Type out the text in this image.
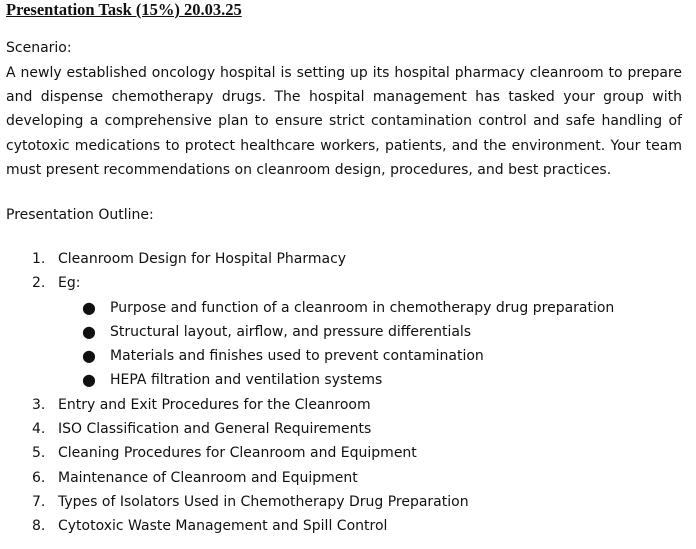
Presentation Task (15%) 20.03.25
Scenario:

A newly established oncology hospital is setting up its hospital pharmacy cleanroom to prepare and dispense chemotherapy drugs. The hospital management has tasked your group with developing a comprehensive plan to ensure strict contamination control and safe handling of cytotoxic medications to protect healthcare workers, patients, and the environment. Your team must present recommendations on cleanroom design, procedures, and best practices.

Presentation Outline:
1. Cleanroom Design for Hospital Pharmacy
2. Eg:
● Purpose and function of a cleanroom in chemotherapy drug preparation
● Structural layout, airflow, and pressure differentials
● Materials and finishes used to prevent contamination
● HEPA filtration and ventilation systems
3. Entry and Exit Procedures for the Cleanroom
4. ISO Classification and General Requirements
5. Cleaning Procedures for Cleanroom and Equipment
6. Maintenance of Cleanroom and Equipment
7. Types of Isolators Used in Chemotherapy Drug Preparation
8. Cytotoxic Waste Management and Spill Control
